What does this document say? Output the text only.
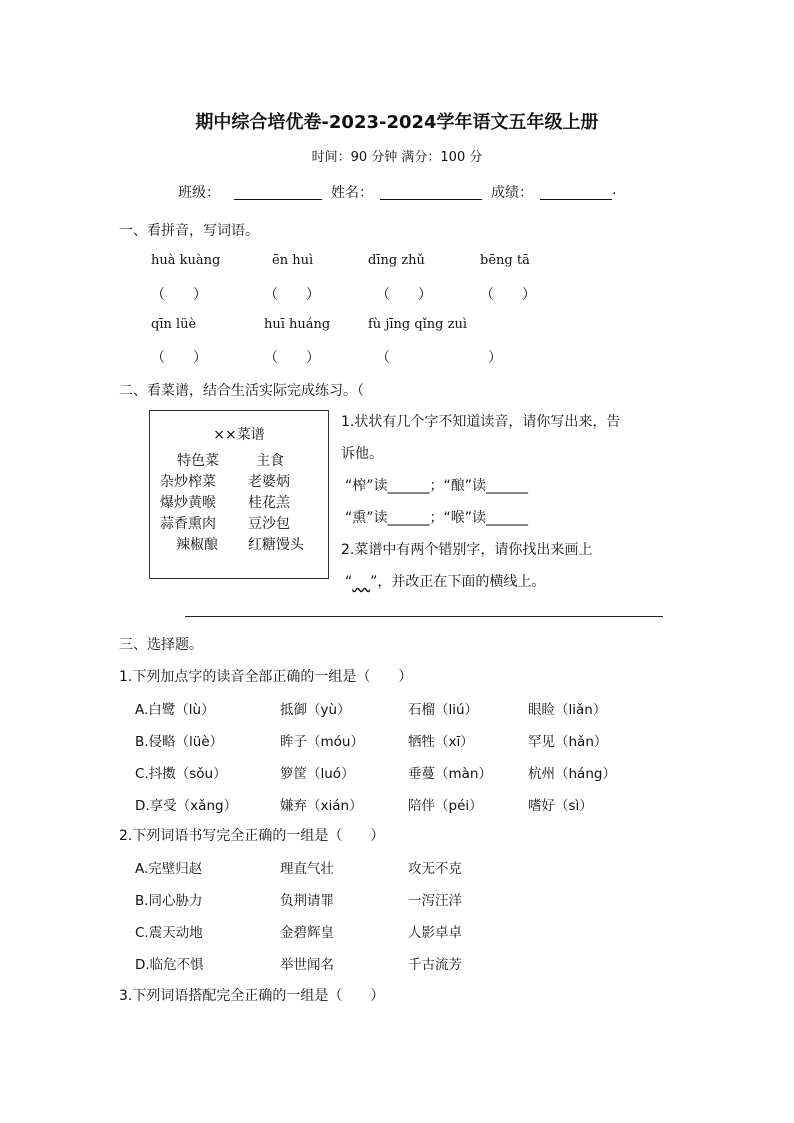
期中综合培优卷-2023-2024学年语文五年级上册
时间：90 分钟 满分：100 分
班级：	姓名：	成绩：	.
一、看拼音，写词语。
huà kuàng	ēn huì	dīng zhǔ	bēng tā
（　　）	（　　）	（　　）	（　　）
qīn lüè	huī huáng	fù jīng qǐng zuì
（　　）	（　　）	（　　　　　　　）
二、看菜谱，结合生活实际完成练习。（
××菜谱
特色菜	主食
杂炒榨菜 老婆炳
爆炒黄喉 桂花羔
蒜香熏肉 豆沙包
辣椒酿 红糖馒头
1.状状有几个字不知道读音，请你写出来，告
诉他。
“榨”读______；“酿”读______
“熏”读______；“喉”读______
2.菜谱中有两个错别字，请你找出来画上
“ ”，并改正在下面的横线上。
三、选择题。
1.下列加点字的读音全部正确的一组是（　　）
A.白鹭（lù）	抵御（yù）	石榴（liú）	眼睑（liǎn）
B.侵略（lüè）	眸子（móu）	牺牲（xī）	罕见（hǎn）
C.抖擞（sǒu）	箩筐（luó）	垂蔓（màn）	杭州（háng）
D.享受（xǎng）	嫌弃（xián）	陪伴（péi）	嗜好（sì）
2.下列词语书写完全正确的一组是（　　）
A.完壁归赵	理直气壮	攻无不克
B.同心胁力	负荆请罪	一泻汪洋
C.震天动地	金碧辉皇	人影卓卓
D.临危不惧	举世闻名	千古流芳
3.下列词语搭配完全正确的一组是（　　）
